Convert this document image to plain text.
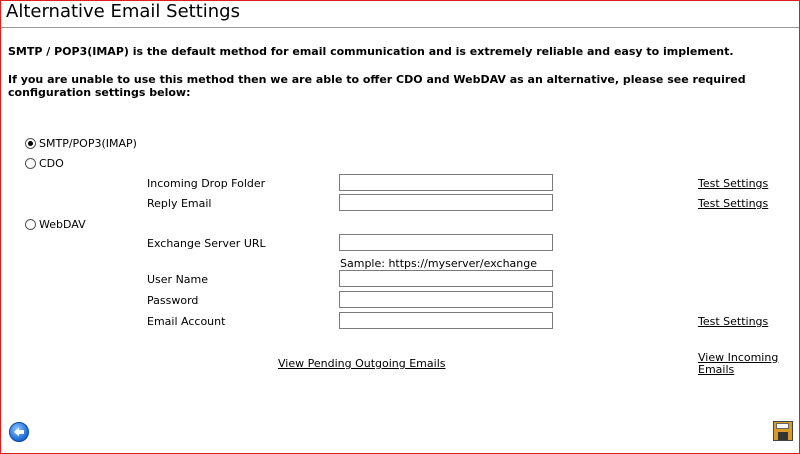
Alternative Email Settings
SMTP / POP3(IMAP) is the default method for email communication and is extremely reliable and easy to implement.
If you are unable to use this method then we are able to offer CDO and WebDAV as an alternative, please see required configuration settings below:
SMTP/POP3(IMAP)
CDO
Incoming Drop Folder	Test Settings
Reply Email	Test Settings
WebDAV
Exchange Server URL
Sample: https://myserver/exchange
User Name
Password
Email Account	Test Settings
View Pending Outgoing Emails	View Incoming
Emails
